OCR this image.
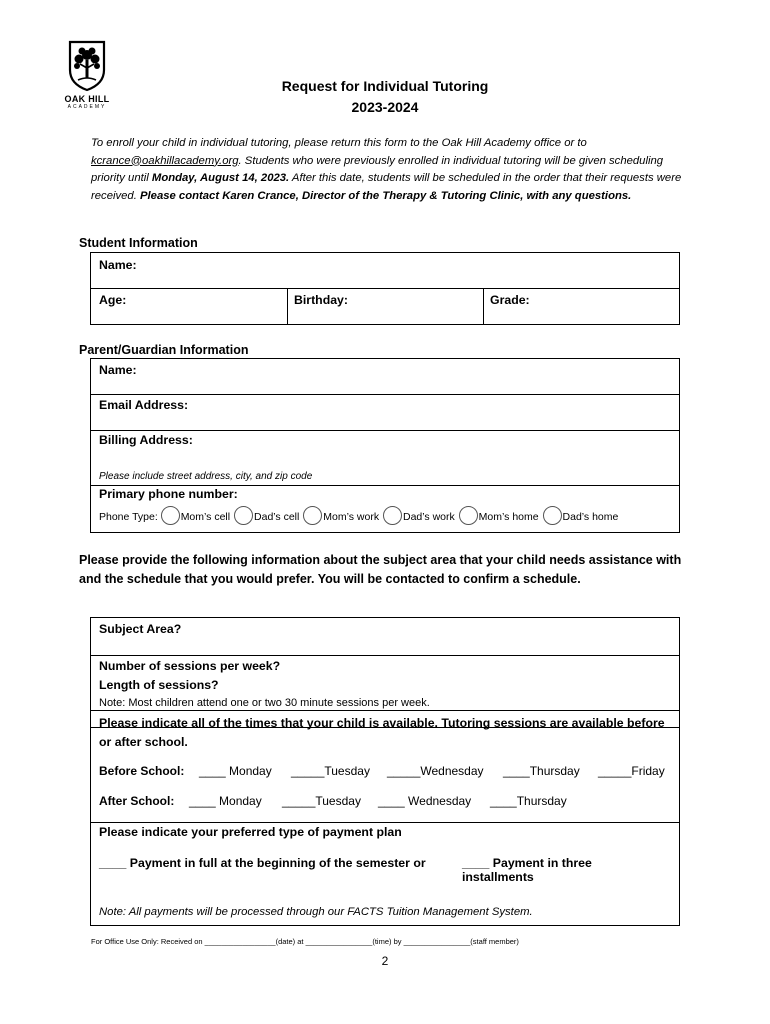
OAK HILL
ACADEMY
Request for Individual Tutoring
2023-2024
To enroll your child in individual tutoring, please return this form to the Oak Hill Academy office or to kcrance@oakhillacademy.org. Students who were previously enrolled in individual tutoring will be given scheduling priority until Monday, August 14, 2023. After this date, students will be scheduled in the order that their requests were received. Please contact Karen Crance, Director of the Therapy & Tutoring Clinic, with any questions.
Student Information
Name:
Age:	Birthday:	Grade:
Parent/Guardian Information
Name:
Email Address:
Billing Address:
Please include street address, city, and zip code
Primary phone number:
Phone Type: Mom’s cell Dad’s cell Mom’s work Dad’s work Mom’s home Dad’s home
Please provide the following information about the subject area that your child needs assistance with and the schedule that you would prefer. You will be contacted to confirm a schedule.
Subject Area?
Number of sessions per week?
Length of sessions?
Note: Most children attend one or two 30 minute sessions per week.
Please indicate all of the times that your child is available. Tutoring sessions are available before or after school.
Before School: ____ Monday _____Tuesday _____Wednesday ____Thursday _____Friday
After School: ____ Monday _____Tuesday ____ Wednesday ____Thursday
Please indicate your preferred type of payment plan
____ Payment in full at the beginning of the semester or	____ Payment in three installments
Note: All payments will be processed through our FACTS Tuition Management System.
For Office Use Only: Received on _________________(date) at ________________(time) by ________________(staff member)
2
